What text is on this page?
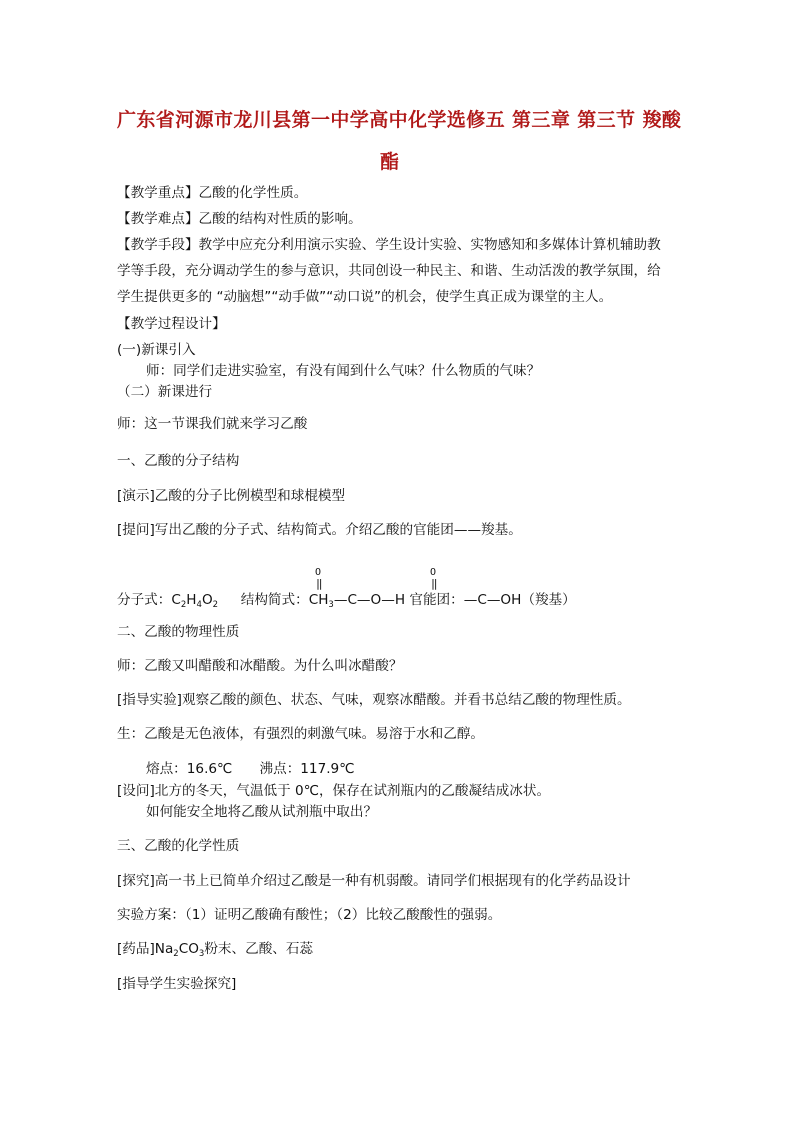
广东省河源市龙川县第一中学高中化学选修五 第三章 第三节 羧酸
酯
【教学重点】乙酸的化学性质。
【教学难点】乙酸的结构对性质的影响。
【教学手段】教学中应充分利用演示实验、学生设计实验、实物感知和多媒体计算机辅助教
学等手段，充分调动学生的参与意识，共同创设一种民主、和谐、生动活泼的教学氛围，给
学生提供更多的 “动脑想”“动手做”“动口说”的机会，使学生真正成为课堂的主人。
【教学过程设计】
(一)新课引入
师：同学们走进实验室，有没有闻到什么气味？什么物质的气味？
（二）新课进行
师：这一节课我们就来学习乙酸
一、乙酸的分子结构
[演示]乙酸的分子比例模型和球棍模型
[提问]写出乙酸的分子式、结构简式。介绍乙酸的官能团——羧基。
O
‖
O
‖
分子式：$C_2H_4O_2$ 结构简式：$CH_3—C—O—H$ 官能团：—C—OH（羧基）
二、乙酸的物理性质
师：乙酸又叫醋酸和冰醋酸。为什么叫冰醋酸？
[指导实验]观察乙酸的颜色、状态、气味，观察冰醋酸。并看书总结乙酸的物理性质。
生：乙酸是无色液体，有强烈的刺激气味。易溶于水和乙醇。
熔点：16.6℃　　沸点：117.9℃
[设问]北方的冬天，气温低于 0℃，保存在试剂瓶内的乙酸凝结成冰状。
如何能安全地将乙酸从试剂瓶中取出？
三、乙酸的化学性质
[探究]高一书上已简单介绍过乙酸是一种有机弱酸。请同学们根据现有的化学药品设计
实验方案：（1）证明乙酸确有酸性；（2）比较乙酸酸性的强弱。
[药品]$Na_2CO_3$粉末、乙酸、石蕊
[指导学生实验探究]
